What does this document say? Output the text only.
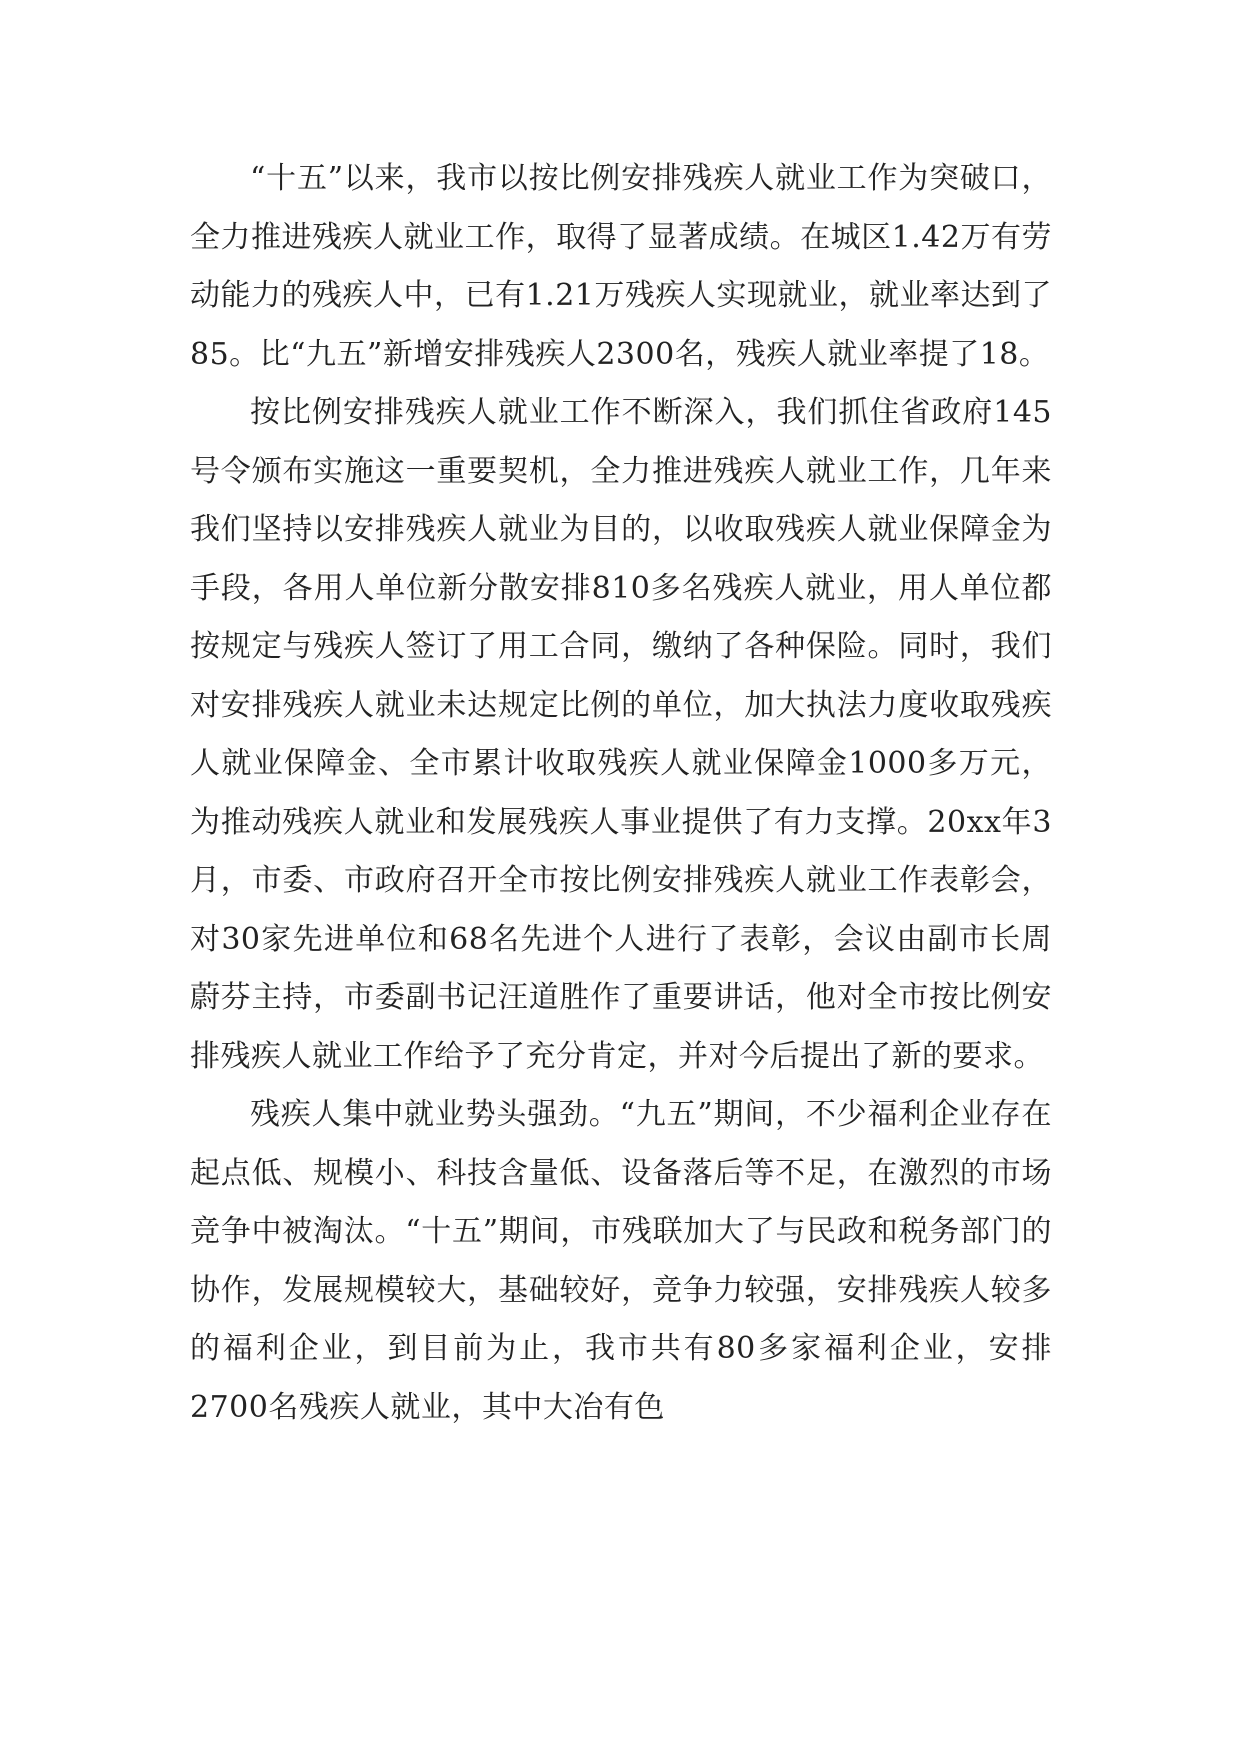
“十五”以来，我市以按比例安排残疾人就业工作为突破口，全力推进残疾人就业工作，取得了显著成绩。在城区1.42万有劳动能力的残疾人中，已有1.21万残疾人实现就业，就业率达到了85。比“九五”新增安排残疾人2300名，残疾人就业率提了18。

按比例安排残疾人就业工作不断深入，我们抓住省政府145号令颁布实施这一重要契机，全力推进残疾人就业工作，几年来我们坚持以安排残疾人就业为目的，以收取残疾人就业保障金为手段，各用人单位新分散安排810多名残疾人就业，用人单位都按规定与残疾人签订了用工合同，缴纳了各种保险。同时，我们对安排残疾人就业未达规定比例的单位，加大执法力度收取残疾人就业保障金、全市累计收取残疾人就业保障金1000多万元，为推动残疾人就业和发展残疾人事业提供了有力支撑。20xx年3月，市委、市政府召开全市按比例安排残疾人就业工作表彰会，对30家先进单位和68名先进个人进行了表彰，会议由副市长周蔚芬主持，市委副书记汪道胜作了重要讲话，他对全市按比例安排残疾人就业工作给予了充分肯定，并对今后提出了新的要求。

残疾人集中就业势头强劲。“九五”期间，不少福利企业存在起点低、规模小、科技含量低、设备落后等不足，在激烈的市场竞争中被淘汰。“十五”期间，市残联加大了与民政和税务部门的协作，发展规模较大，基础较好，竞争力较强，安排残疾人较多的福利企业，到目前为止，我市共有80多家福利企业，安排2700名残疾人就业，其中大冶有色
